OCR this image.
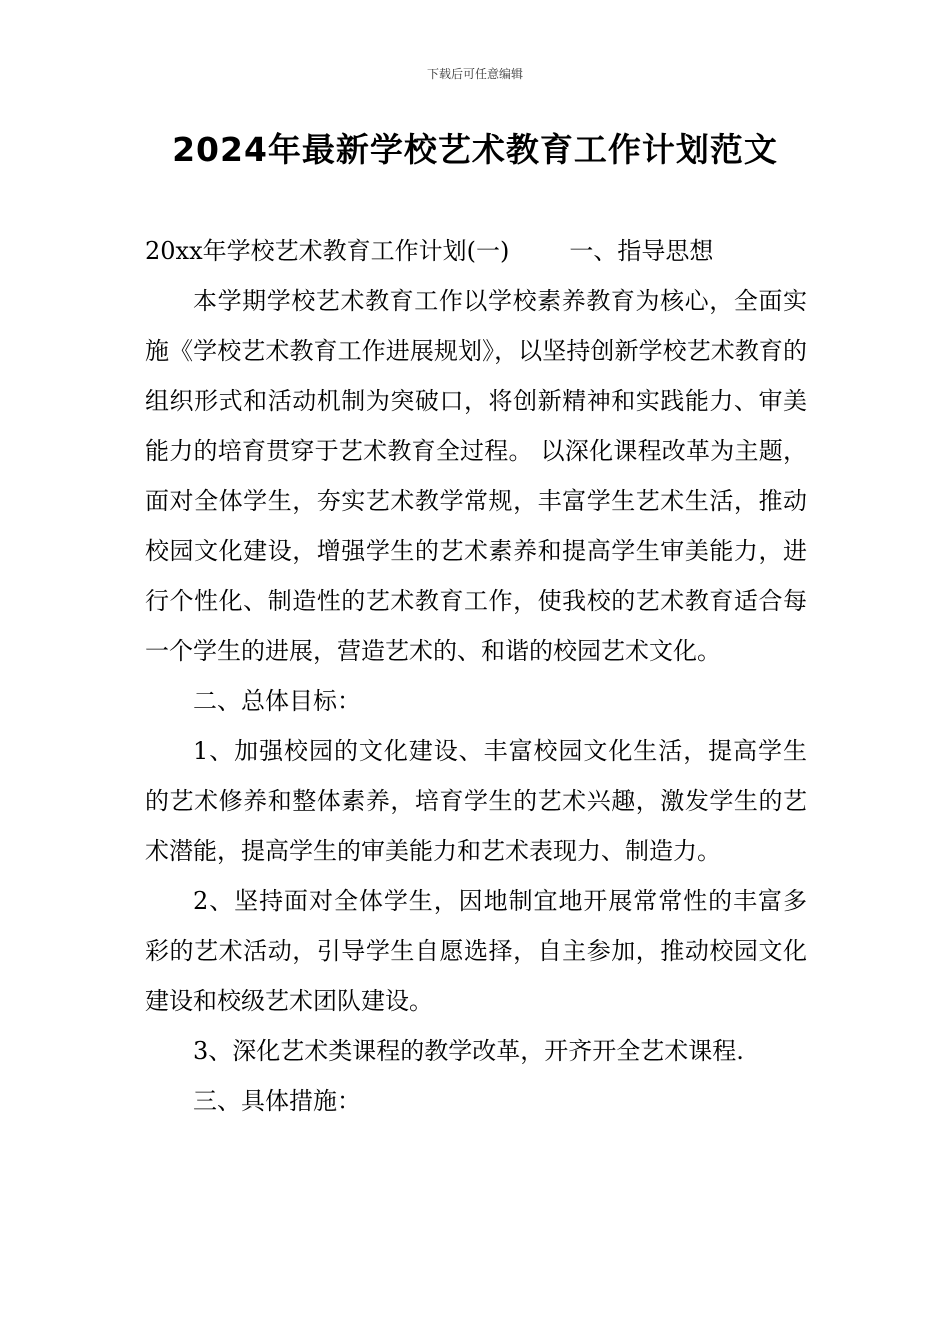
下载后可任意编辑
2024年最新学校艺术教育工作计划范文

20xx年学校艺术教育工作计划(一)	一、指导思想

本学期学校艺术教育工作以学校素养教育为核心，全面实施《学校艺术教育工作进展规划》，以坚持创新学校艺术教育的组织形式和活动机制为突破口，将创新精神和实践能力、审美能力的培育贯穿于艺术教育全过程。 以深化课程改革为主题，面对全体学生，夯实艺术教学常规，丰富学生艺术生活，推动校园文化建设，增强学生的艺术素养和提高学生审美能力，进行个性化、制造性的艺术教育工作，使我校的艺术教育适合每一个学生的进展，营造艺术的、和谐的校园艺术文化。

二、总体目标：

1、加强校园的文化建设、丰富校园文化生活，提高学生的艺术修养和整体素养，培育学生的艺术兴趣，激发学生的艺术潜能，提高学生的审美能力和艺术表现力、制造力。

2、坚持面对全体学生，因地制宜地开展常常性的丰富多彩的艺术活动，引导学生自愿选择，自主参加，推动校园文化建设和校级艺术团队建设。

3、深化艺术类课程的教学改革，开齐开全艺术课程.

三、具体措施：
